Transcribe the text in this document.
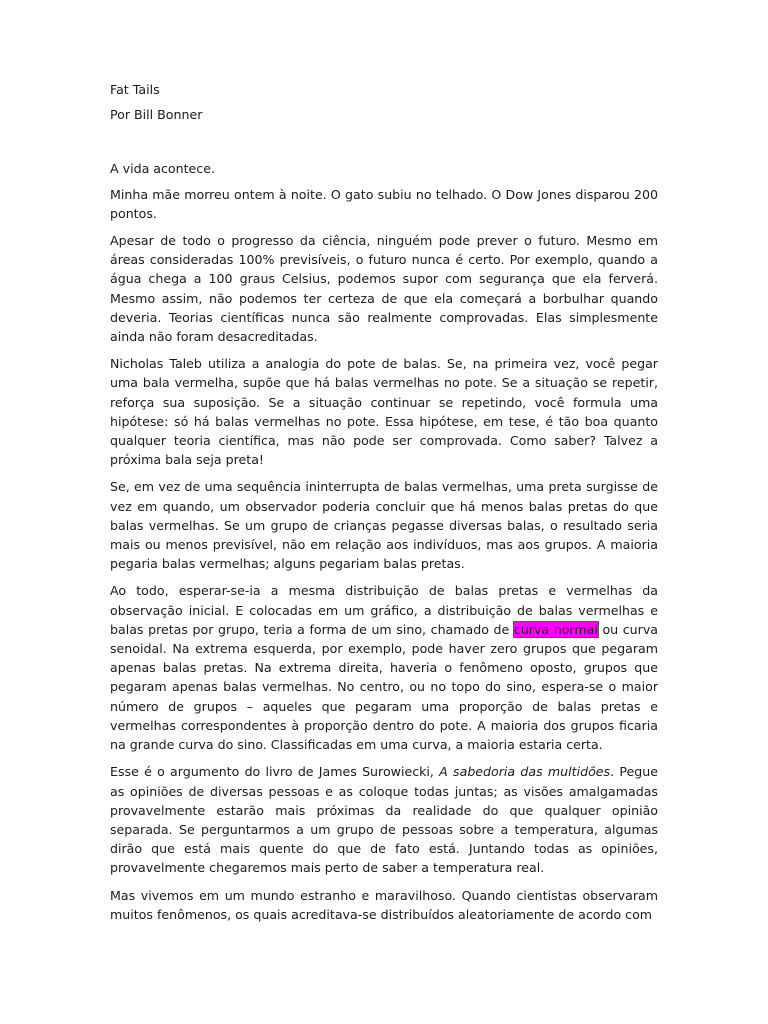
Fat Tails

Por Bill Bonner

A vida acontece.

Minha mãe morreu ontem à noite. O gato subiu no telhado. O Dow Jones disparou 200 pontos.

Apesar de todo o progresso da ciência, ninguém pode prever o futuro. Mesmo em áreas consideradas 100% previsíveis, o futuro nunca é certo. Por exemplo, quando a água chega a 100 graus Celsius, podemos supor com segurança que ela ferverá. Mesmo assim, não podemos ter certeza de que ela começará a borbulhar quando deveria. Teorias científicas nunca são realmente comprovadas. Elas simplesmente ainda não foram desacreditadas.

Nicholas Taleb utiliza a analogia do pote de balas. Se, na primeira vez, você pegar uma bala vermelha, supõe que há balas vermelhas no pote. Se a situação se repetir, reforça sua suposição. Se a situação continuar se repetindo, você formula uma hipótese: só há balas vermelhas no pote. Essa hipótese, em tese, é tão boa quanto qualquer teoria científica, mas não pode ser comprovada. Como saber? Talvez a próxima bala seja preta!

Se, em vez de uma sequência ininterrupta de balas vermelhas, uma preta surgisse de vez em quando, um observador poderia concluir que há menos balas pretas do que balas vermelhas. Se um grupo de crianças pegasse diversas balas, o resultado seria mais ou menos previsível, não em relação aos indivíduos, mas aos grupos. A maioria pegaria balas vermelhas; alguns pegariam balas pretas.

Ao todo, esperar-se-ia a mesma distribuição de balas pretas e vermelhas da observação inicial. E colocadas em um gráfico, a distribuição de balas vermelhas e balas pretas por grupo, teria a forma de um sino, chamado de curva normal ou curva senoidal. Na extrema esquerda, por exemplo, pode haver zero grupos que pegaram apenas balas pretas. Na extrema direita, haveria o fenômeno oposto, grupos que pegaram apenas balas vermelhas. No centro, ou no topo do sino, espera-se o maior número de grupos – aqueles que pegaram uma proporção de balas pretas e vermelhas correspondentes à proporção dentro do pote. A maioria dos grupos ficaria na grande curva do sino. Classificadas em uma curva, a maioria estaria certa.

Esse é o argumento do livro de James Surowiecki, A sabedoria das multidões. Pegue as opiniões de diversas pessoas e as coloque todas juntas; as visões amalgamadas provavelmente estarão mais próximas da realidade do que qualquer opinião separada. Se perguntarmos a um grupo de pessoas sobre a temperatura, algumas dirão que está mais quente do que de fato está. Juntando todas as opiniões, provavelmente chegaremos mais perto de saber a temperatura real.

Mas vivemos em um mundo estranho e maravilhoso. Quando cientistas observaram muitos fenômenos, os quais acreditava-se distribuídos aleatoriamente de acordo com
